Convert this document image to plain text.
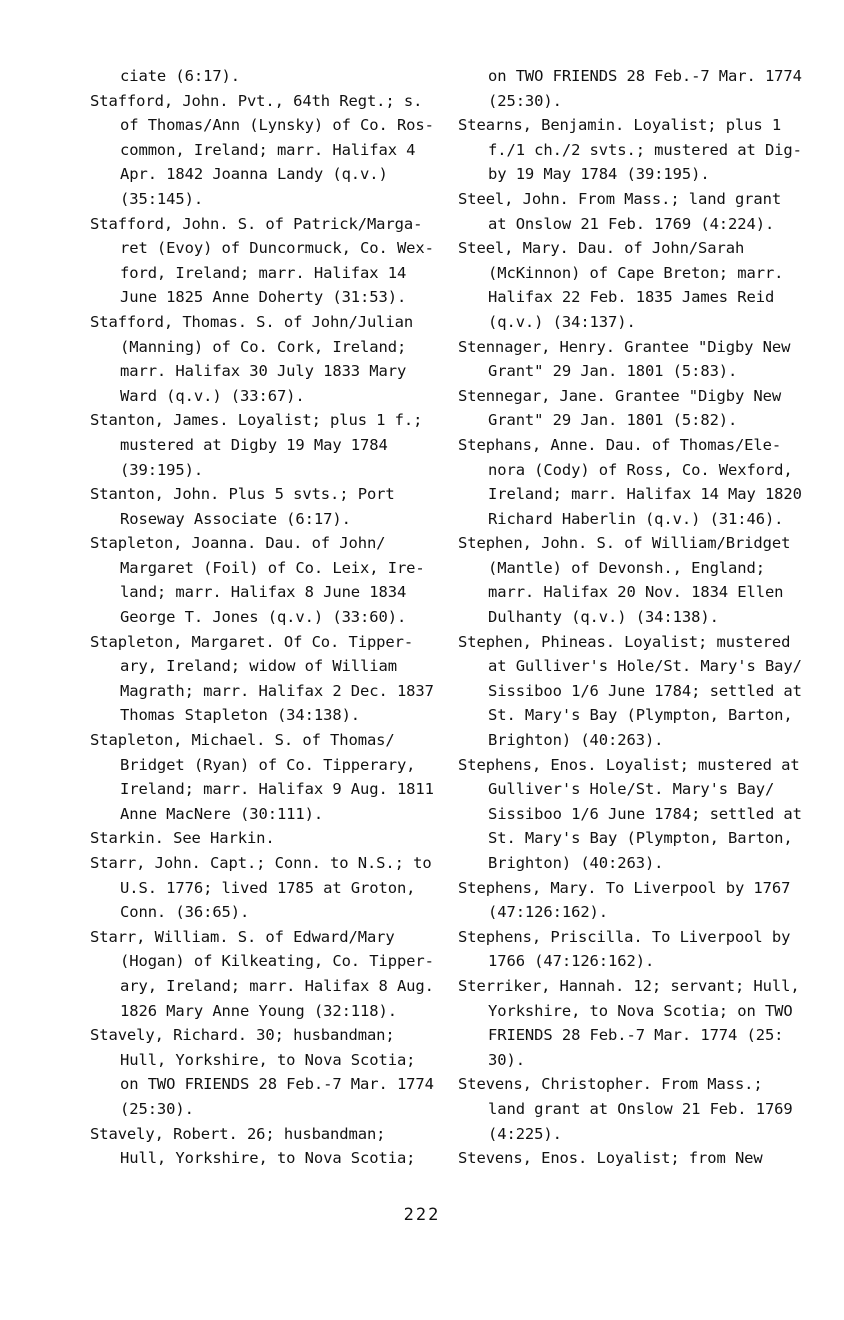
ciate (6:17).
Stafford, John. Pvt., 64th Regt.; s.
of Thomas/Ann (Lynsky) of Co. Ros-
common, Ireland; marr. Halifax 4
Apr. 1842 Joanna Landy (q.v.)
(35:145).
Stafford, John. S. of Patrick/Marga-
ret (Evoy) of Duncormuck, Co. Wex-
ford, Ireland; marr. Halifax 14
June 1825 Anne Doherty (31:53).
Stafford, Thomas. S. of John/Julian
(Manning) of Co. Cork, Ireland;
marr. Halifax 30 July 1833 Mary
Ward (q.v.) (33:67).
Stanton, James. Loyalist; plus 1 f.;
mustered at Digby 19 May 1784
(39:195).
Stanton, John. Plus 5 svts.; Port
Roseway Associate (6:17).
Stapleton, Joanna. Dau. of John/
Margaret (Foil) of Co. Leix, Ire-
land; marr. Halifax 8 June 1834
George T. Jones (q.v.) (33:60).
Stapleton, Margaret. Of Co. Tipper-
ary, Ireland; widow of William
Magrath; marr. Halifax 2 Dec. 1837
Thomas Stapleton (34:138).
Stapleton, Michael. S. of Thomas/
Bridget (Ryan) of Co. Tipperary,
Ireland; marr. Halifax 9 Aug. 1811
Anne MacNere (30:111).
Starkin. See Harkin.
Starr, John. Capt.; Conn. to N.S.; to
U.S. 1776; lived 1785 at Groton,
Conn. (36:65).
Starr, William. S. of Edward/Mary
(Hogan) of Kilkeating, Co. Tipper-
ary, Ireland; marr. Halifax 8 Aug.
1826 Mary Anne Young (32:118).
Stavely, Richard. 30; husbandman;
Hull, Yorkshire, to Nova Scotia;
on TWO FRIENDS 28 Feb.-7 Mar. 1774
(25:30).
Stavely, Robert. 26; husbandman;
Hull, Yorkshire, to Nova Scotia;
on TWO FRIENDS 28 Feb.-7 Mar. 1774
(25:30).
Stearns, Benjamin. Loyalist; plus 1
f./1 ch./2 svts.; mustered at Dig-
by 19 May 1784 (39:195).
Steel, John. From Mass.; land grant
at Onslow 21 Feb. 1769 (4:224).
Steel, Mary. Dau. of John/Sarah
(McKinnon) of Cape Breton; marr.
Halifax 22 Feb. 1835 James Reid
(q.v.) (34:137).
Stennager, Henry. Grantee "Digby New
Grant" 29 Jan. 1801 (5:83).
Stennegar, Jane. Grantee "Digby New
Grant" 29 Jan. 1801 (5:82).
Stephans, Anne. Dau. of Thomas/Ele-
nora (Cody) of Ross, Co. Wexford,
Ireland; marr. Halifax 14 May 1820
Richard Haberlin (q.v.) (31:46).
Stephen, John. S. of William/Bridget
(Mantle) of Devonsh., England;
marr. Halifax 20 Nov. 1834 Ellen
Dulhanty (q.v.) (34:138).
Stephen, Phineas. Loyalist; mustered
at Gulliver's Hole/St. Mary's Bay/
Sissiboo 1/6 June 1784; settled at
St. Mary's Bay (Plympton, Barton,
Brighton) (40:263).
Stephens, Enos. Loyalist; mustered at
Gulliver's Hole/St. Mary's Bay/
Sissiboo 1/6 June 1784; settled at
St. Mary's Bay (Plympton, Barton,
Brighton) (40:263).
Stephens, Mary. To Liverpool by 1767
(47:126:162).
Stephens, Priscilla. To Liverpool by
1766 (47:126:162).
Sterriker, Hannah. 12; servant; Hull,
Yorkshire, to Nova Scotia; on TWO
FRIENDS 28 Feb.-7 Mar. 1774 (25:
30).
Stevens, Christopher. From Mass.;
land grant at Onslow 21 Feb. 1769
(4:225).
Stevens, Enos. Loyalist; from New
222
